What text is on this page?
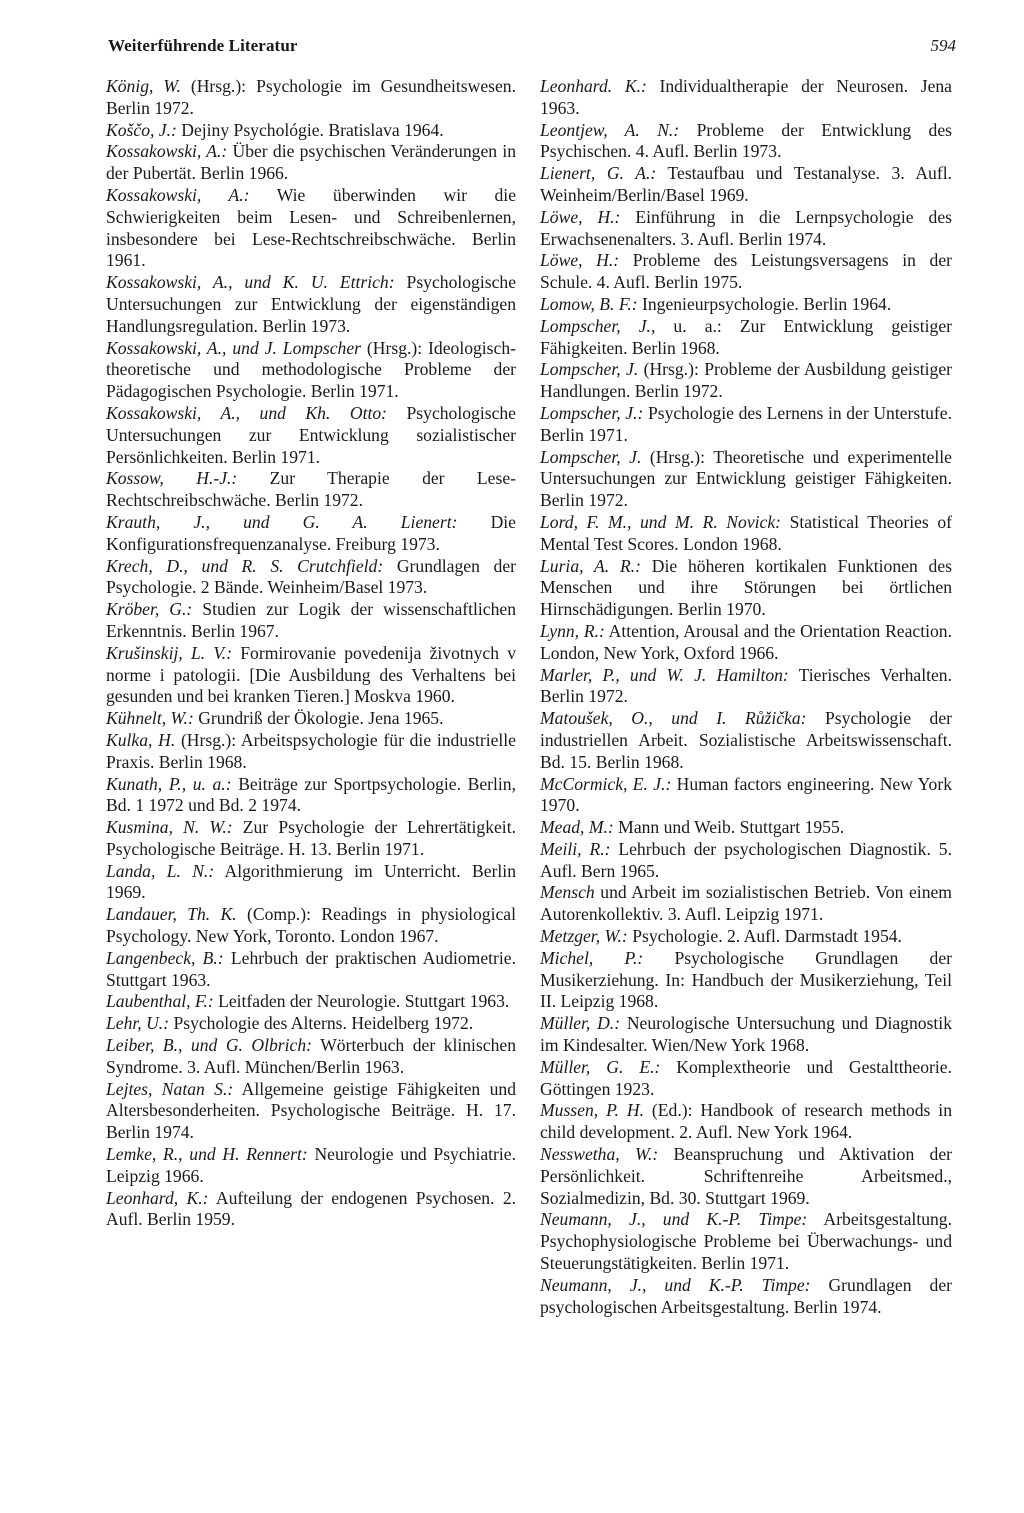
Weiterführende Literatur	594

König, W. (Hrsg.): Psychologie im Gesundheitswesen. Berlin 1972.

Koščo, J.: Dejiny Psychológie. Bratislava 1964.

Kossakowski, A.: Über die psychischen Veränderungen in der Pubertät. Berlin 1966.

Kossakowski, A.: Wie überwinden wir die Schwierigkeiten beim Lesen- und Schreibenlernen, insbesondere bei Lese-Rechtschreibschwäche. Berlin 1961.

Kossakowski, A., und K. U. Ettrich: Psychologische Untersuchungen zur Entwicklung der eigenständigen Handlungsregulation. Berlin 1973.

Kossakowski, A., und J. Lompscher (Hrsg.): Ideologisch-theoretische und methodologische Probleme der Pädagogischen Psychologie. Berlin 1971.

Kossakowski, A., und Kh. Otto: Psychologische Untersuchungen zur Entwicklung sozialistischer Persönlichkeiten. Berlin 1971.

Kossow, H.-J.: Zur Therapie der Lese-Rechtschreibschwäche. Berlin 1972.

Krauth, J., und G. A. Lienert: Die Konfigurationsfrequenzanalyse. Freiburg 1973.

Krech, D., und R. S. Crutchfield: Grundlagen der Psychologie. 2 Bände. Weinheim/Basel 1973.

Kröber, G.: Studien zur Logik der wissenschaftlichen Erkenntnis. Berlin 1967.

Krušinskij, L. V.: Formirovanie povedenija životnych v norme i patologii. [Die Ausbildung des Verhaltens bei gesunden und bei kranken Tieren.] Moskva 1960.

Kühnelt, W.: Grundriß der Ökologie. Jena 1965.

Kulka, H. (Hrsg.): Arbeitspsychologie für die industrielle Praxis. Berlin 1968.

Kunath, P., u. a.: Beiträge zur Sportpsychologie. Berlin, Bd. 1 1972 und Bd. 2 1974.

Kusmina, N. W.: Zur Psychologie der Lehrertätigkeit. Psychologische Beiträge. H. 13. Berlin 1971.

Landa, L. N.: Algorithmierung im Unterricht. Berlin 1969.

Landauer, Th. K. (Comp.): Readings in physiological Psychology. New York, Toronto. London 1967.

Langenbeck, B.: Lehrbuch der praktischen Audiometrie. Stuttgart 1963.

Laubenthal, F.: Leitfaden der Neurologie. Stuttgart 1963.

Lehr, U.: Psychologie des Alterns. Heidelberg 1972.

Leiber, B., und G. Olbrich: Wörterbuch der klinischen Syndrome. 3. Aufl. München/Berlin 1963.

Lejtes, Natan S.: Allgemeine geistige Fähigkeiten und Altersbesonderheiten. Psychologische Beiträge. H. 17. Berlin 1974.

Lemke, R., und H. Rennert: Neurologie und Psychiatrie. Leipzig 1966.

Leonhard, K.: Aufteilung der endogenen Psychosen. 2. Aufl. Berlin 1959.

Leonhard. K.: Individualtherapie der Neurosen. Jena 1963.

Leontjew, A. N.: Probleme der Entwicklung des Psychischen. 4. Aufl. Berlin 1973.

Lienert, G. A.: Testaufbau und Testanalyse. 3. Aufl. Weinheim/Berlin/Basel 1969.

Löwe, H.: Einführung in die Lernpsychologie des Erwachsenenalters. 3. Aufl. Berlin 1974.

Löwe, H.: Probleme des Leistungsversagens in der Schule. 4. Aufl. Berlin 1975.

Lomow, B. F.: Ingenieurpsychologie. Berlin 1964.

Lompscher, J., u. a.: Zur Entwicklung geistiger Fähigkeiten. Berlin 1968.

Lompscher, J. (Hrsg.): Probleme der Ausbildung geistiger Handlungen. Berlin 1972.

Lompscher, J.: Psychologie des Lernens in der Unterstufe. Berlin 1971.

Lompscher, J. (Hrsg.): Theoretische und experimentelle Untersuchungen zur Entwicklung geistiger Fähigkeiten. Berlin 1972.

Lord, F. M., und M. R. Novick: Statistical Theories of Mental Test Scores. London 1968.

Luria, A. R.: Die höheren kortikalen Funktionen des Menschen und ihre Störungen bei örtlichen Hirnschädigungen. Berlin 1970.

Lynn, R.: Attention, Arousal and the Orientation Reaction. London, New York, Oxford 1966.

Marler, P., und W. J. Hamilton: Tierisches Verhalten. Berlin 1972.

Matoušek, O., und I. Růžička: Psychologie der industriellen Arbeit. Sozialistische Arbeitswissenschaft. Bd. 15. Berlin 1968.

McCormick, E. J.: Human factors engineering. New York 1970.

Mead, M.: Mann und Weib. Stuttgart 1955.

Meili, R.: Lehrbuch der psychologischen Diagnostik. 5. Aufl. Bern 1965.

Mensch und Arbeit im sozialistischen Betrieb. Von einem Autorenkollektiv. 3. Aufl. Leipzig 1971.

Metzger, W.: Psychologie. 2. Aufl. Darmstadt 1954.

Michel, P.: Psychologische Grundlagen der Musikerziehung. In: Handbuch der Musikerziehung, Teil II. Leipzig 1968.

Müller, D.: Neurologische Untersuchung und Diagnostik im Kindesalter. Wien/New York 1968.

Müller, G. E.: Komplextheorie und Gestalttheorie. Göttingen 1923.

Mussen, P. H. (Ed.): Handbook of research methods in child development. 2. Aufl. New York 1964.

Nesswetha, W.: Beanspruchung und Aktivation der Persönlichkeit. Schriftenreihe Arbeitsmed., Sozialmedizin, Bd. 30. Stuttgart 1969.

Neumann, J., und K.-P. Timpe: Arbeitsgestaltung. Psychophysiologische Probleme bei Überwachungs- und Steuerungstätigkeiten. Berlin 1971.

Neumann, J., und K.-P. Timpe: Grundlagen der psychologischen Arbeitsgestaltung. Berlin 1974.
